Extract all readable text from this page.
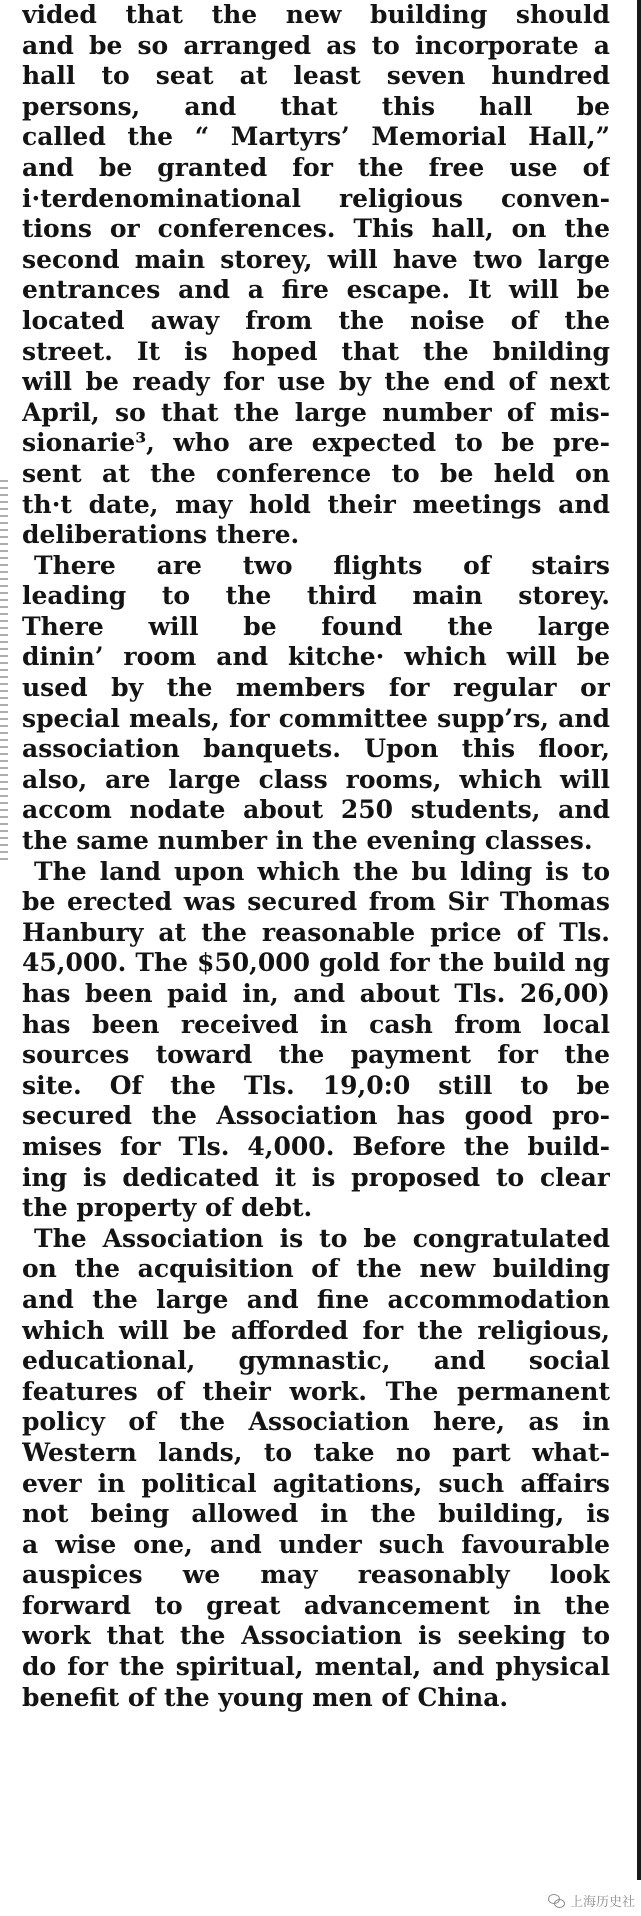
vided that the new building should
and be so arranged as to incorporate a
hall to seat at least seven hundred
persons, and that this hall be
called the “ Martyrs’ Memorial Hall,”
and be granted for the free use of
i·terdenominational religious conven-
tions or conferences. This hall, on the
second main storey, will have two large
entrances and a fire escape. It will be
located away from the noise of the
street. It is hoped that the bnilding
will be ready for use by the end of next
April, so that the large number of mis-
sionarie³, who are expected to be pre-
sent at the conference to be held on
th·t date, may hold their meetings and
deliberations there.
There are two flights of stairs
leading to the third main storey.
There will be found the large
dinin’ room and kitche· which will be
used by the members for regular or
special meals, for committee supp’rs, and
association banquets. Upon this floor,
also, are large class rooms, which will
accom nodate about 250 students, and
the same number in the evening classes.
The land upon which the bu lding is to
be erected was secured from Sir Thomas
Hanbury at the reasonable price of Tls.
45,000. The $50,000 gold for the build ng
has been paid in, and about Tls. 26,00)
has been received in cash from local
sources toward the payment for the
site. Of the Tls. 19,0:0 still to be
secured the Association has good pro-
mises for Tls. 4,000. Before the build-
ing is dedicated it is proposed to clear
the property of debt.
The Association is to be congratulated
on the acquisition of the new building
and the large and fine accommodation
which will be afforded for the religious,
educational, gymnastic, and social
features of their work. The permanent
policy of the Association here, as in
Western lands, to take no part what-
ever in political agitations, such affairs
not being allowed in the building, is
a wise one, and under such favourable
auspices we may reasonably look
forward to great advancement in the
work that the Association is seeking to
do for the spiritual, mental, and physical
benefit of the young men of China.
上海历史社
